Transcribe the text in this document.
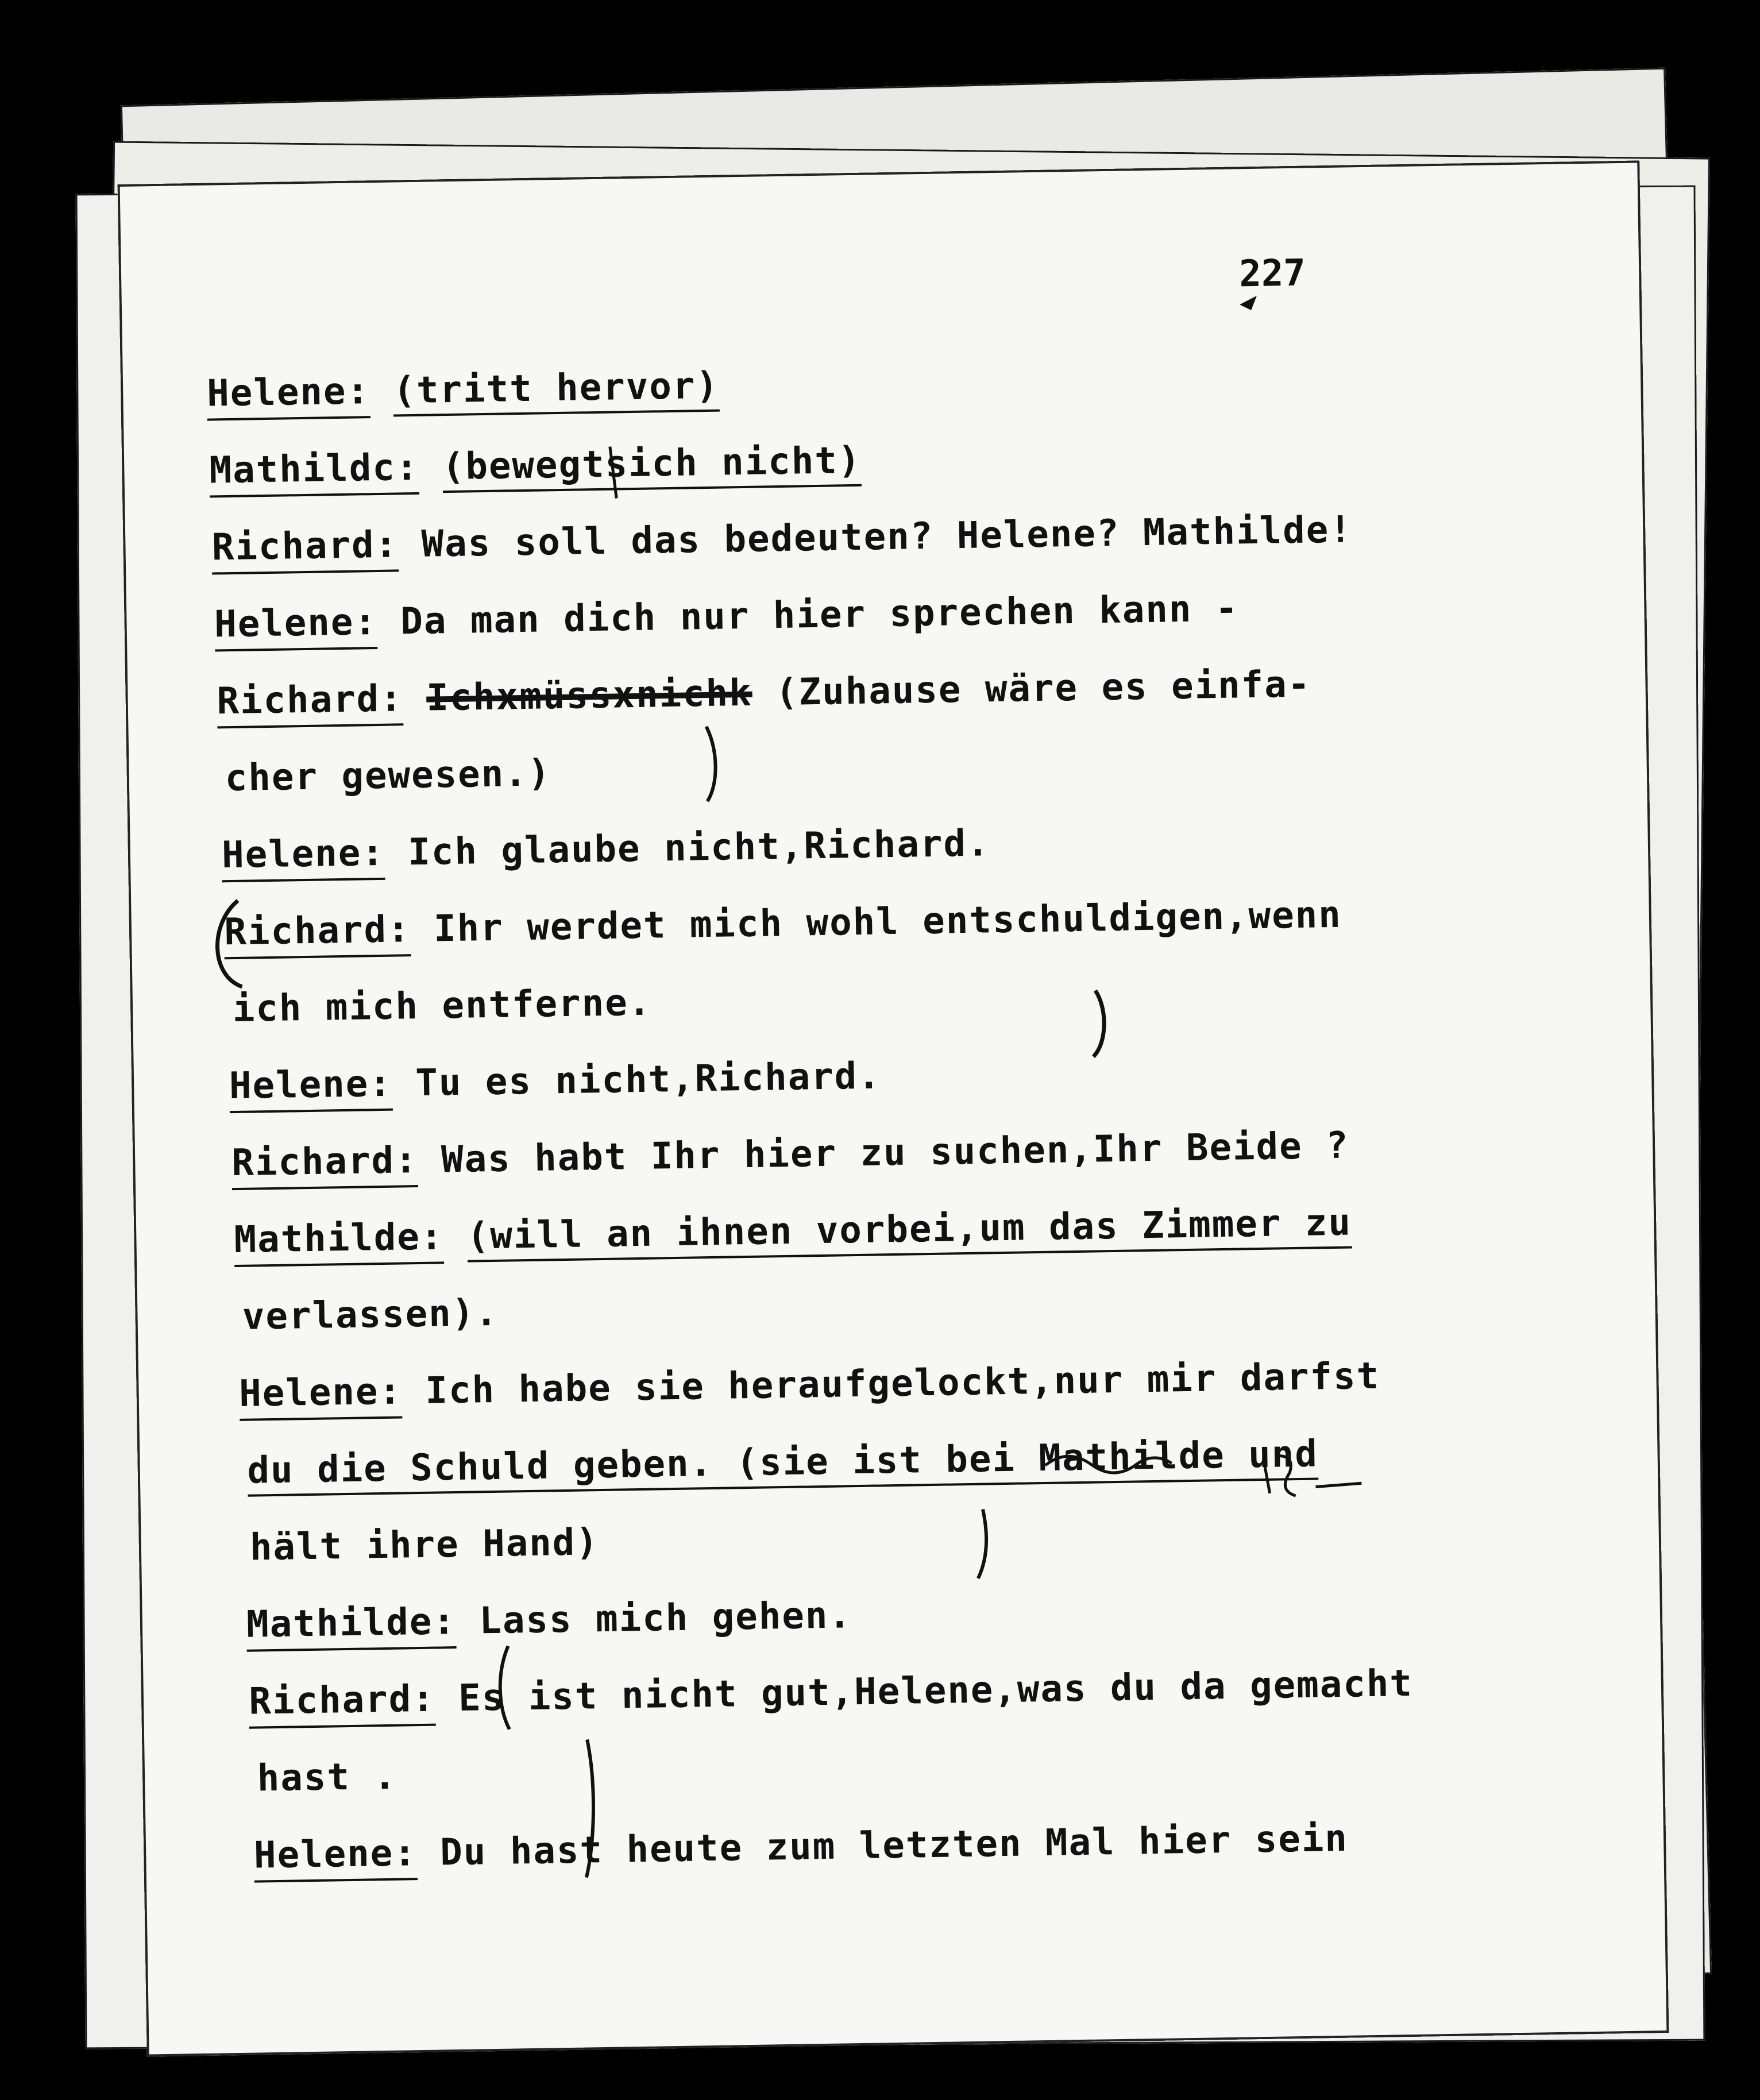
227
Helene: (tritt hervor)
Mathildc: (bewegtsich nicht)
Richard: Was soll das bedeuten? Helene? Mathilde!
Helene: Da man dich nur hier sprechen kann -
Richard: Ichxmüssxnichk (Zuhause wäre es einfa-
cher gewesen.)
Helene: Ich glaube nicht,Richard.
Richard: Ihr werdet mich wohl entschuldigen,wenn
ich mich entferne.
Helene: Tu es nicht,Richard.
Richard: Was habt Ihr hier zu suchen,Ihr Beide ?
Mathilde: (will an ihnen vorbei,um das Zimmer zu
verlassen).
Helene: Ich habe sie heraufgelockt,nur mir darfst
du die Schuld geben. (sie ist bei Mathilde und
hält ihre Hand)
Mathilde: Lass mich gehen.
Richard: Es ist nicht gut,Helene,was du da gemacht
hast .
Helene: Du hast heute zum letzten Mal hier sein
